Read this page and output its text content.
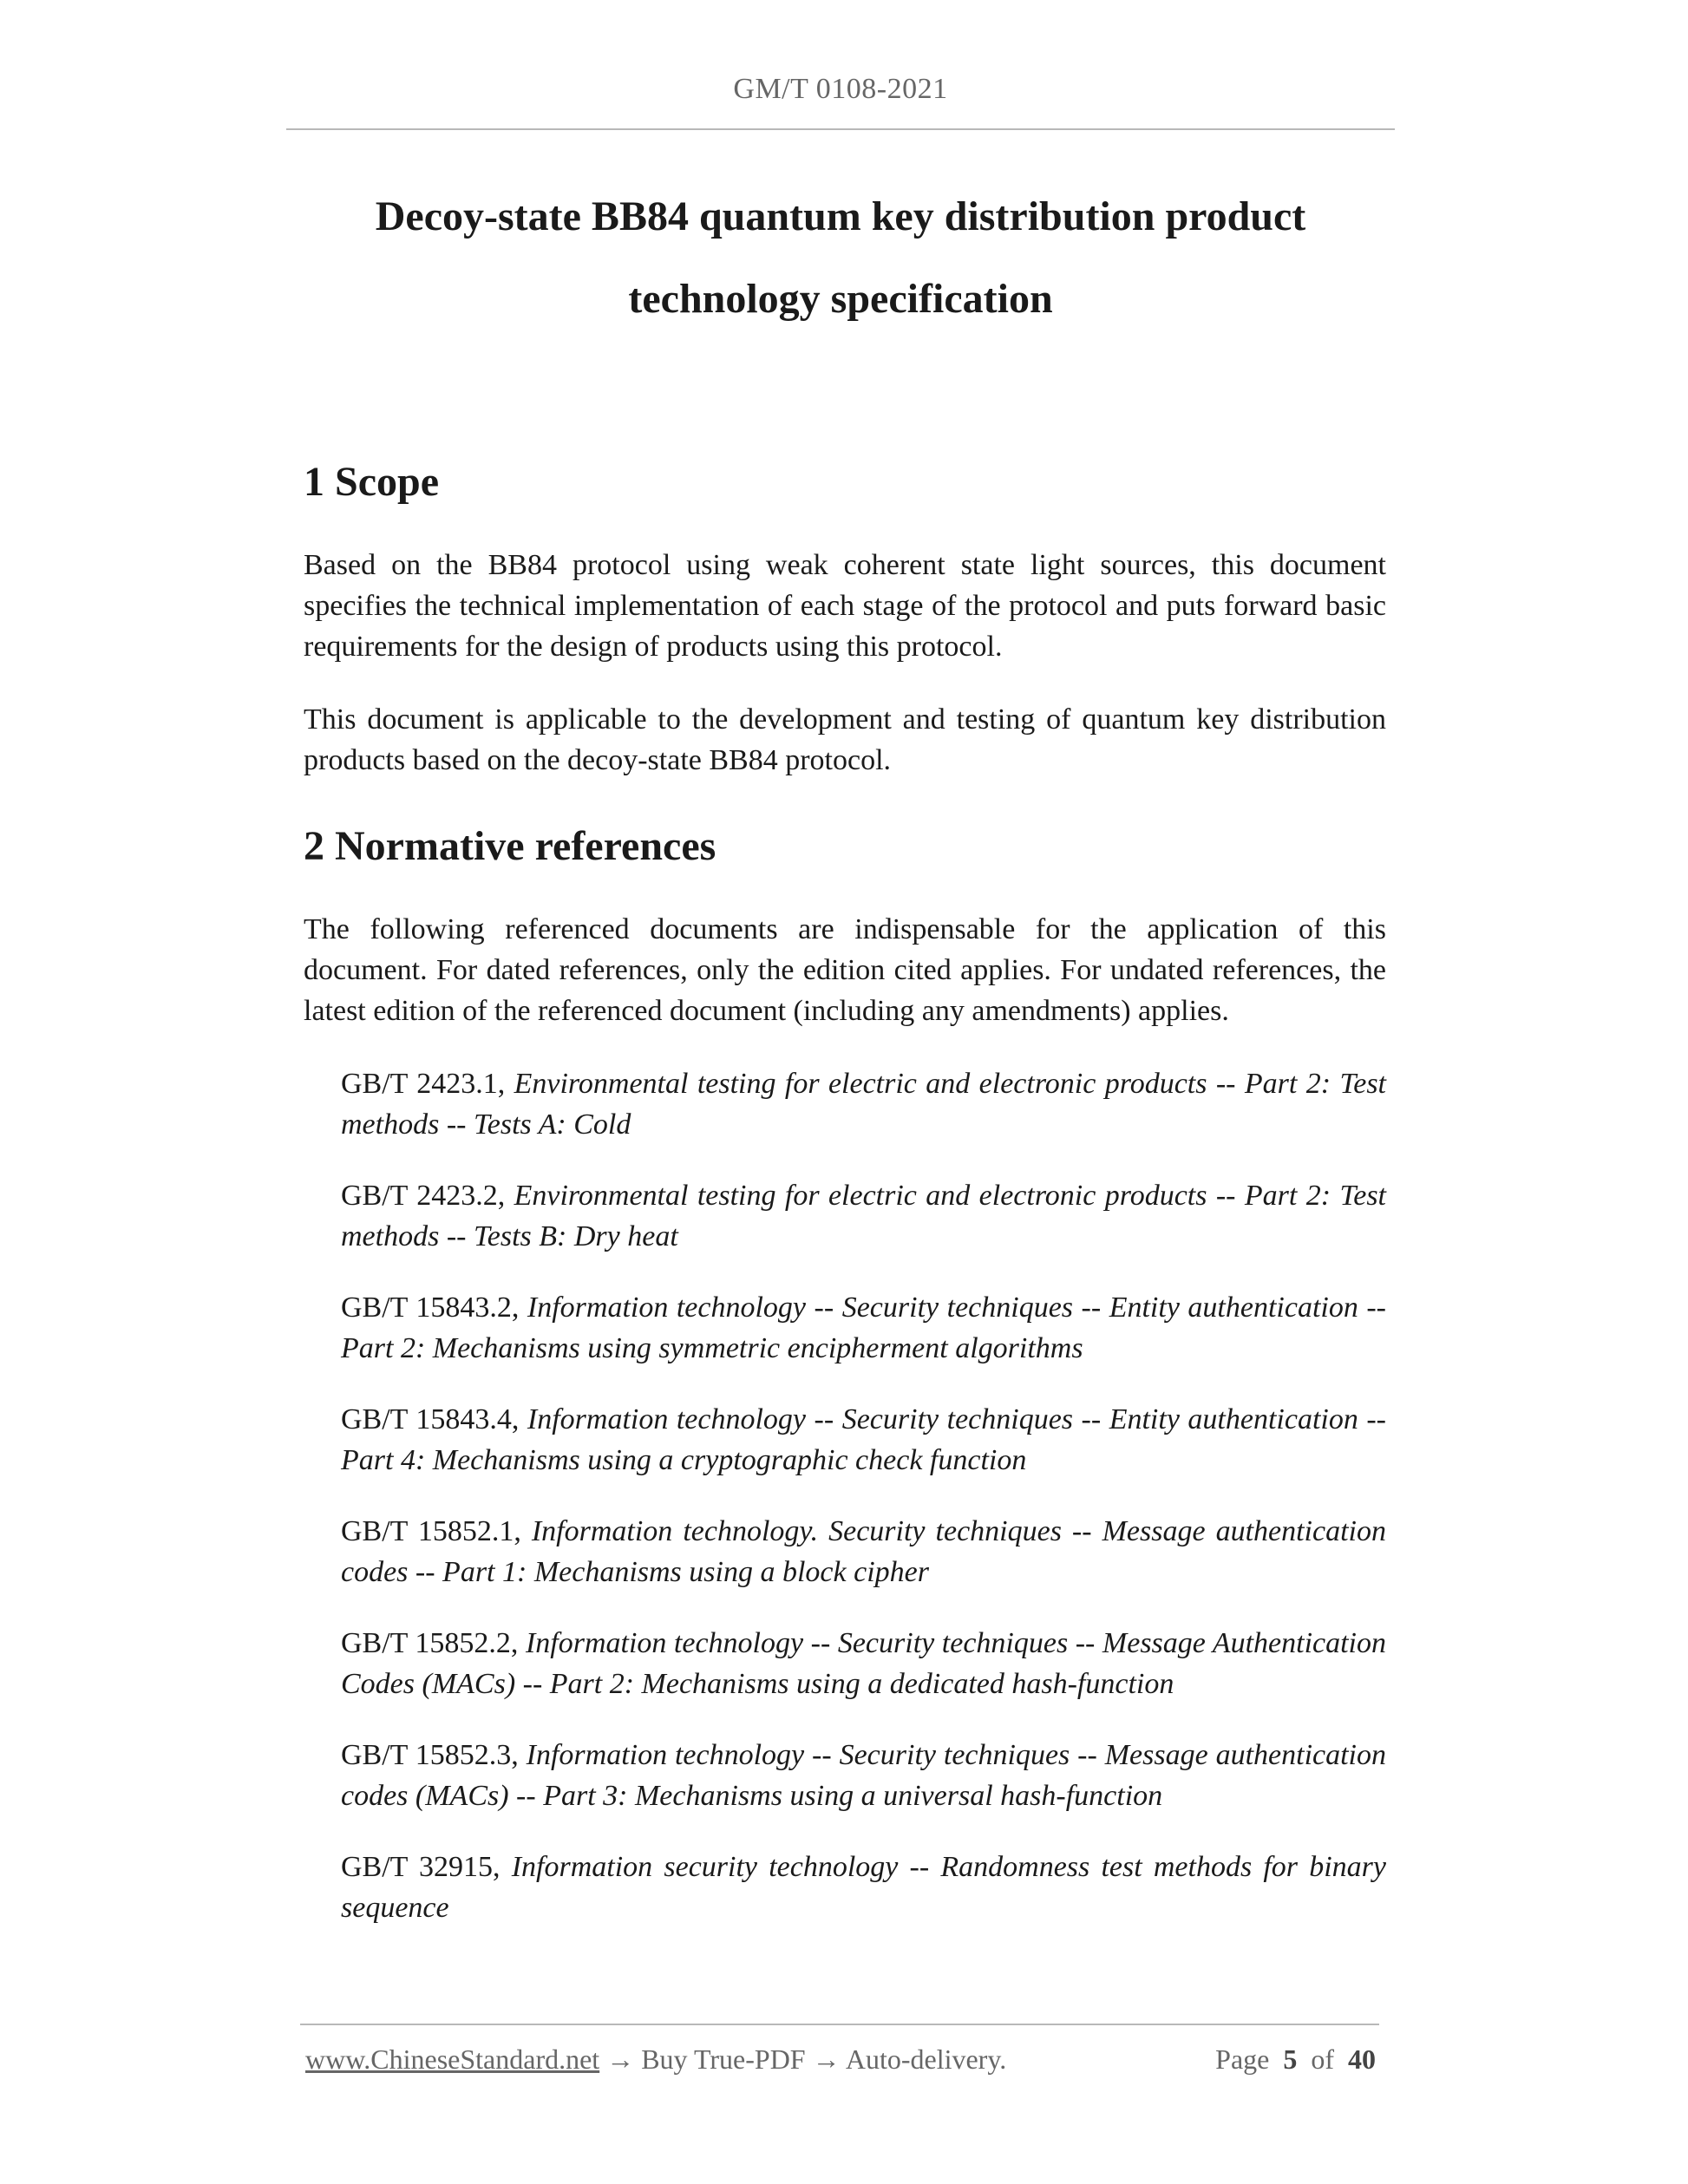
GM/T 0108-2021
Decoy-state BB84 quantum key distribution product
technology specification
1 Scope

Based on the BB84 protocol using weak coherent state light sources, this document specifies the technical implementation of each stage of the protocol and puts forward basic requirements for the design of products using this protocol.

This document is applicable to the development and testing of quantum key distribution products based on the decoy-state BB84 protocol.

2 Normative references

The following referenced documents are indispensable for the application of this document. For dated references, only the edition cited applies. For undated references, the latest edition of the referenced document (including any amendments) applies.

GB/T 2423.1, Environmental testing for electric and electronic products -- Part 2: Test methods -- Tests A: Cold

GB/T 2423.2, Environmental testing for electric and electronic products -- Part 2: Test methods -- Tests B: Dry heat

GB/T 15843.2, Information technology -- Security techniques -- Entity authentication -- Part 2: Mechanisms using symmetric encipherment algorithms

GB/T 15843.4, Information technology -- Security techniques -- Entity authentication -- Part 4: Mechanisms using a cryptographic check function

GB/T 15852.1, Information technology. Security techniques -- Message authentication codes -- Part 1: Mechanisms using a block cipher

GB/T 15852.2, Information technology -- Security techniques -- Message Authentication Codes (MACs) -- Part 2: Mechanisms using a dedicated hash-function

GB/T 15852.3, Information technology -- Security techniques -- Message authentication codes (MACs) -- Part 3: Mechanisms using a universal hash-function

GB/T 32915, Information security technology -- Randomness test methods for binary sequence

www.ChineseStandard.net → Buy True-PDF → Auto-delivery.	Page 5 of 40
